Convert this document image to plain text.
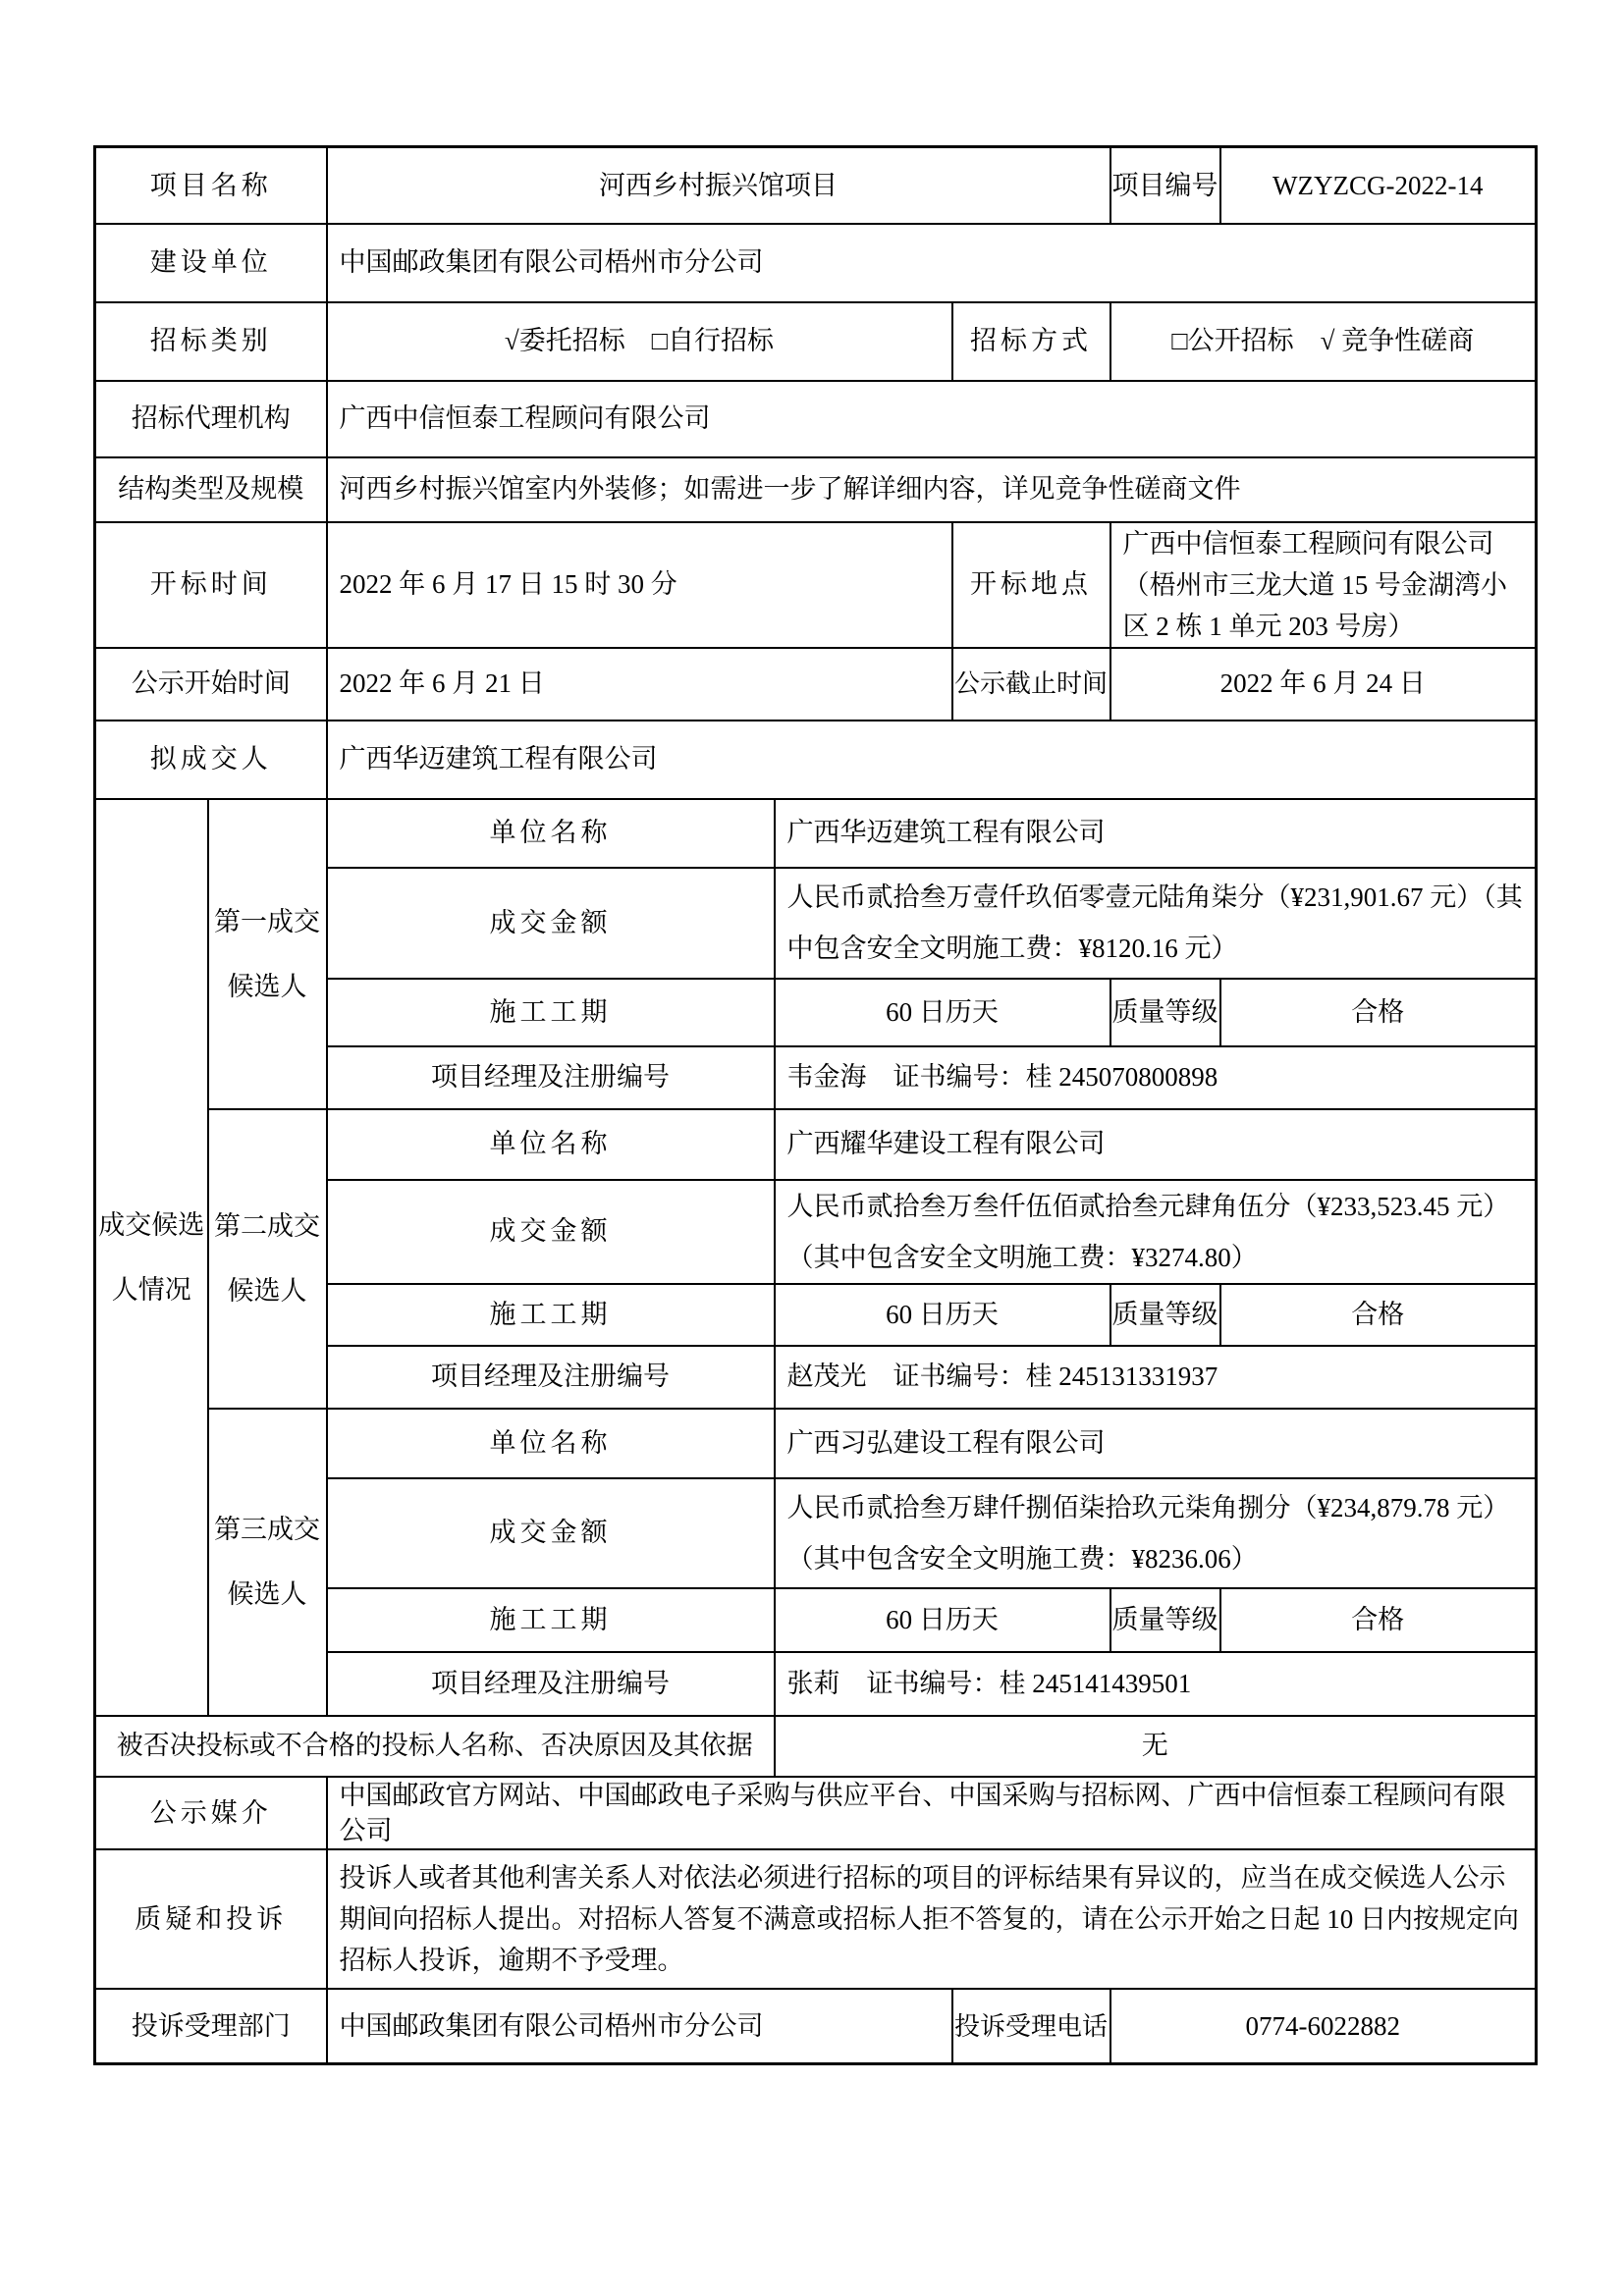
项目名称		河西乡村振兴馆项目			项目编号	WZYZCG-2022-14
建设单位		中国邮政集团有限公司梧州市分公司				
招标类别		√委托招标　□自行招标		招标方式	□公开招标　√ 竞争性磋商	
招标代理机构		广西中信恒泰工程顾问有限公司				
结构类型及规模		河西乡村振兴馆室内外装修；如需进一步了解详细内容，详见竞争性磋商文件				
开标时间		2022 年 6 月 17 日 15 时 30 分		开标地点	广西中信恒泰工程顾问有限公司（梧州市三龙大道 15 号金湖湾小区 2 栋 1 单元 203 号房）	
公示开始时间		2022 年 6 月 21 日		公示截止时间	2022 年 6 月 24 日	
拟成交人		广西华迈建筑工程有限公司				
成交候选人情况	第一成交候选人	单位名称	广西华迈建筑工程有限公司			
		成交金额	人民币贰拾叁万壹仟玖佰零壹元陆角柒分（¥231,901.67 元）（其中包含安全文明施工费：¥8120.16 元）			
		施工工期	60 日历天		质量等级	合格
		项目经理及注册编号	韦金海　证书编号：桂 245070800898			
	第二成交候选人	单位名称	广西耀华建设工程有限公司			
		成交金额	人民币贰拾叁万叁仟伍佰贰拾叁元肆角伍分（¥233,523.45 元）（其中包含安全文明施工费：¥3274.80）			
		施工工期	60 日历天		质量等级	合格
		项目经理及注册编号	赵茂光　证书编号：桂 245131331937			
	第三成交候选人	单位名称	广西习弘建设工程有限公司			
		成交金额	人民币贰拾叁万肆仟捌佰柒拾玖元柒角捌分（¥234,879.78 元）（其中包含安全文明施工费：¥8236.06）			
		施工工期	60 日历天		质量等级	合格
		项目经理及注册编号	张莉　证书编号：桂 245141439501			
被否决投标或不合格的投标人名称、否决原因及其依据			无			
公示媒介		中国邮政官方网站、中国邮政电子采购与供应平台、中国采购与招标网、广西中信恒泰工程顾问有限公司				
质疑和投诉		投诉人或者其他利害关系人对依法必须进行招标的项目的评标结果有异议的，应当在成交候选人公示期间向招标人提出。对招标人答复不满意或招标人拒不答复的，请在公示开始之日起 10 日内按规定向招标人投诉，逾期不予受理。				
投诉受理部门		中国邮政集团有限公司梧州市分公司		投诉受理电话	0774-6022882	
